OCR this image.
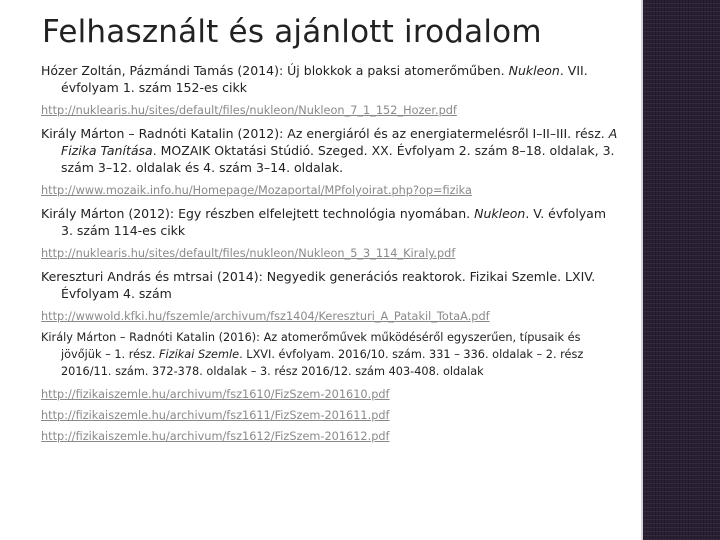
Felhasznált és ajánlott irodalom

Hózer Zoltán, Pázmándi Tamás (2014): Új blokkok a paksi atomerőműben. Nukleon. VII. évfolyam 1. szám 152-es cikk

http://nuklearis.hu/sites/default/files/nukleon/Nukleon_7_1_152_Hozer.pdf

Király Márton – Radnóti Katalin (2012): Az energiáról és az energiatermelésről I–II–III. rész. A Fizika Tanítása. MOZAIK Oktatási Stúdió. Szeged. XX. Évfolyam 2. szám 8–18. oldalak, 3. szám 3–12. oldalak és 4. szám 3–14. oldalak.

http://www.mozaik.info.hu/Homepage/Mozaportal/MPfolyoirat.php?op=fizika

Király Márton (2012): Egy részben elfelejtett technológia nyomában. Nukleon. V. évfolyam 3. szám 114-es cikk

http://nuklearis.hu/sites/default/files/nukleon/Nukleon_5_3_114_Kiraly.pdf

Kereszturi András és mtrsai (2014): Negyedik generációs reaktorok. Fizikai Szemle. LXIV. Évfolyam 4. szám

http://wwwold.kfki.hu/fszemle/archivum/fsz1404/Kereszturi_A_Patakil_TotaA.pdf

Király Márton – Radnóti Katalin (2016): Az atomerőművek működéséről egyszerűen, típusaik és jövőjük – 1. rész. Fizikai Szemle. LXVI. évfolyam. 2016/10. szám. 331 – 336. oldalak – 2. rész 2016/11. szám. 372-378. oldalak – 3. rész 2016/12. szám 403-408. oldalak

http://fizikaiszemle.hu/archivum/fsz1610/FizSzem-201610.pdf
http://fizikaiszemle.hu/archivum/fsz1611/FizSzem-201611.pdf
http://fizikaiszemle.hu/archivum/fsz1612/FizSzem-201612.pdf
